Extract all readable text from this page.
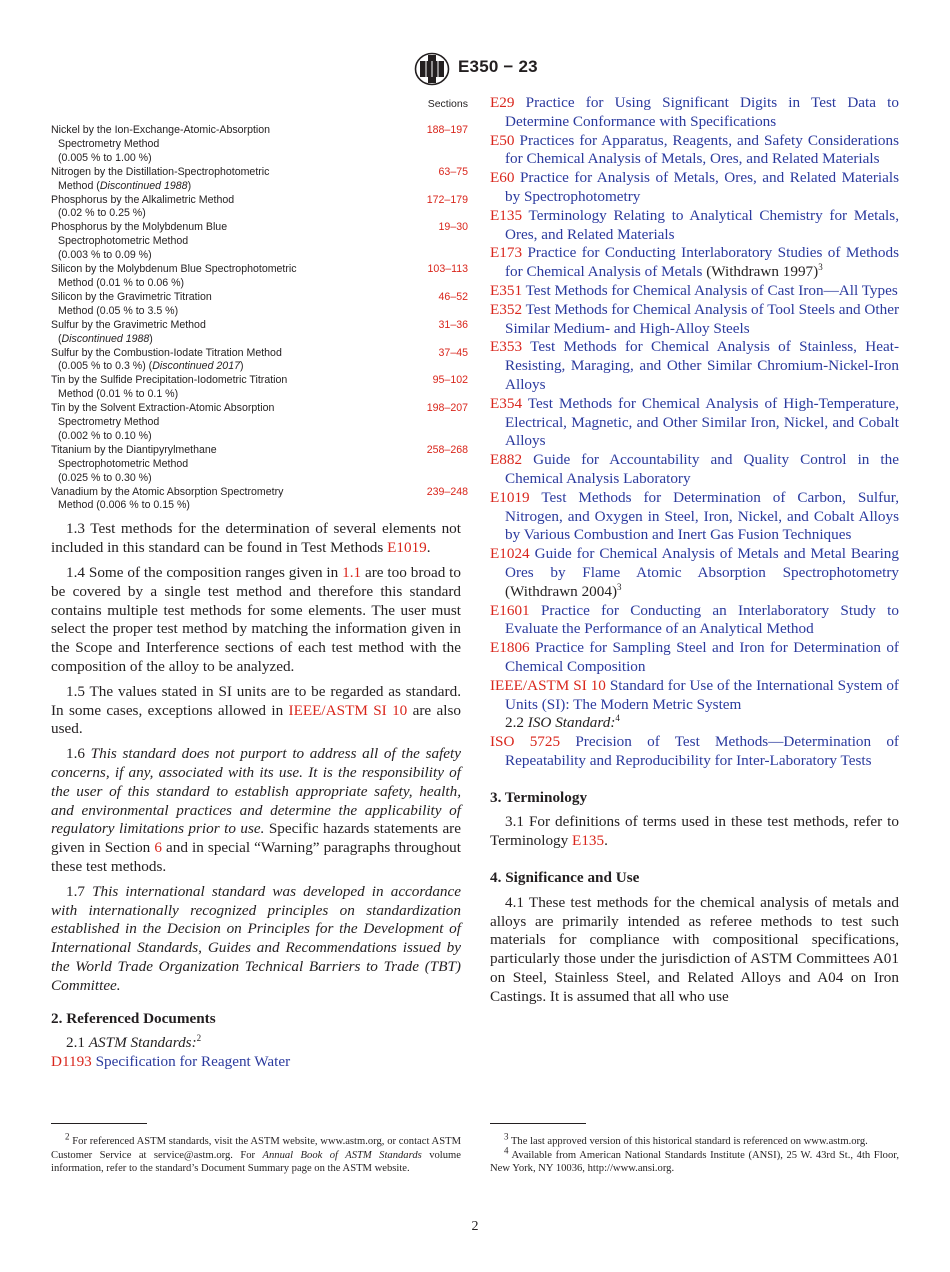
E350 − 23
Sections
Nickel by the Ion-Exchange-Atomic-Absorption
Spectrometry Method
(0.005 % to 1.00 %)
188–197
Nitrogen by the Distillation-Spectrophotometric
Method (Discontinued 1988)
63–75
Phosphorus by the Alkalimetric Method
(0.02 % to 0.25 %)
172–179
Phosphorus by the Molybdenum Blue
Spectrophotometric Method
(0.003 % to 0.09 %)
19–30
Silicon by the Molybdenum Blue Spectrophotometric
Method (0.01 % to 0.06 %)
103–113
Silicon by the Gravimetric Titration
Method (0.05 % to 3.5 %)
46–52
Sulfur by the Gravimetric Method
(Discontinued 1988)
31–36
Sulfur by the Combustion-Iodate Titration Method
(0.005 % to 0.3 %) (Discontinued 2017)
37–45
Tin by the Sulfide Precipitation-Iodometric Titration
Method (0.01 % to 0.1 %)
95–102
Tin by the Solvent Extraction-Atomic Absorption
Spectrometry Method
(0.002 % to 0.10 %)
198–207
Titanium by the Diantipyrylmethane
Spectrophotometric Method
(0.025 % to 0.30 %)
258–268
Vanadium by the Atomic Absorption Spectrometry
Method (0.006 % to 0.15 %)
239–248

1.3 Test methods for the determination of several elements not included in this standard can be found in Test Methods E1019.

1.4 Some of the composition ranges given in 1.1 are too broad to be covered by a single test method and therefore this standard contains multiple test methods for some elements. The user must select the proper test method by matching the information given in the Scope and Interference sections of each test method with the composition of the alloy to be analyzed.

1.5 The values stated in SI units are to be regarded as standard. In some cases, exceptions allowed in IEEE/ASTM SI 10 are also used.

1.6 This standard does not purport to address all of the safety concerns, if any, associated with its use. It is the responsibility of the user of this standard to establish appropriate safety, health, and environmental practices and determine the applicability of regulatory limitations prior to use. Specific hazards statements are given in Section 6 and in special “Warning” paragraphs throughout these test methods.

1.7 This international standard was developed in accordance with internationally recognized principles on standardization established in the Decision on Principles for the Development of International Standards, Guides and Recommendations issued by the World Trade Organization Technical Barriers to Trade (TBT) Committee.

2. Referenced Documents

2.1 ASTM Standards:$^2$

D1193 Specification for Reagent Water

E29 Practice for Using Significant Digits in Test Data to Determine Conformance with Specifications

E50 Practices for Apparatus, Reagents, and Safety Considerations for Chemical Analysis of Metals, Ores, and Related Materials

E60 Practice for Analysis of Metals, Ores, and Related Materials by Spectrophotometry

E135 Terminology Relating to Analytical Chemistry for Metals, Ores, and Related Materials

E173 Practice for Conducting Interlaboratory Studies of Methods for Chemical Analysis of Metals (Withdrawn 1997)$^3$

E351 Test Methods for Chemical Analysis of Cast Iron—All Types

E352 Test Methods for Chemical Analysis of Tool Steels and Other Similar Medium- and High-Alloy Steels

E353 Test Methods for Chemical Analysis of Stainless, Heat-Resisting, Maraging, and Other Similar Chromium-Nickel-Iron Alloys

E354 Test Methods for Chemical Analysis of High-Temperature, Electrical, Magnetic, and Other Similar Iron, Nickel, and Cobalt Alloys

E882 Guide for Accountability and Quality Control in the Chemical Analysis Laboratory

E1019 Test Methods for Determination of Carbon, Sulfur, Nitrogen, and Oxygen in Steel, Iron, Nickel, and Cobalt Alloys by Various Combustion and Inert Gas Fusion Techniques

E1024 Guide for Chemical Analysis of Metals and Metal Bearing Ores by Flame Atomic Absorption Spectrophotometry (Withdrawn 2004)$^3$

E1601 Practice for Conducting an Interlaboratory Study to Evaluate the Performance of an Analytical Method

E1806 Practice for Sampling Steel and Iron for Determination of Chemical Composition

IEEE/ASTM SI 10 Standard for Use of the International System of Units (SI): The Modern Metric System

2.2 ISO Standard:$^4$

ISO 5725 Precision of Test Methods—Determination of Repeatability and Reproducibility for Inter-Laboratory Tests

3. Terminology

3.1 For definitions of terms used in these test methods, refer to Terminology E135.

4. Significance and Use

4.1 These test methods for the chemical analysis of metals and alloys are primarily intended as referee methods to test such materials for compliance with compositional specifications, particularly those under the jurisdiction of ASTM Committees A01 on Steel, Stainless Steel, and Related Alloys and A04 on Iron Castings. It is assumed that all who use

$^2$ For referenced ASTM standards, visit the ASTM website, www.astm.org, or contact ASTM Customer Service at service@astm.org. For Annual Book of ASTM Standards volume information, refer to the standard’s Document Summary page on the ASTM website.

$^3$ The last approved version of this historical standard is referenced on www.astm.org.

$^4$ Available from American National Standards Institute (ANSI), 25 W. 43rd St., 4th Floor, New York, NY 10036, http://www.ansi.org.

2
